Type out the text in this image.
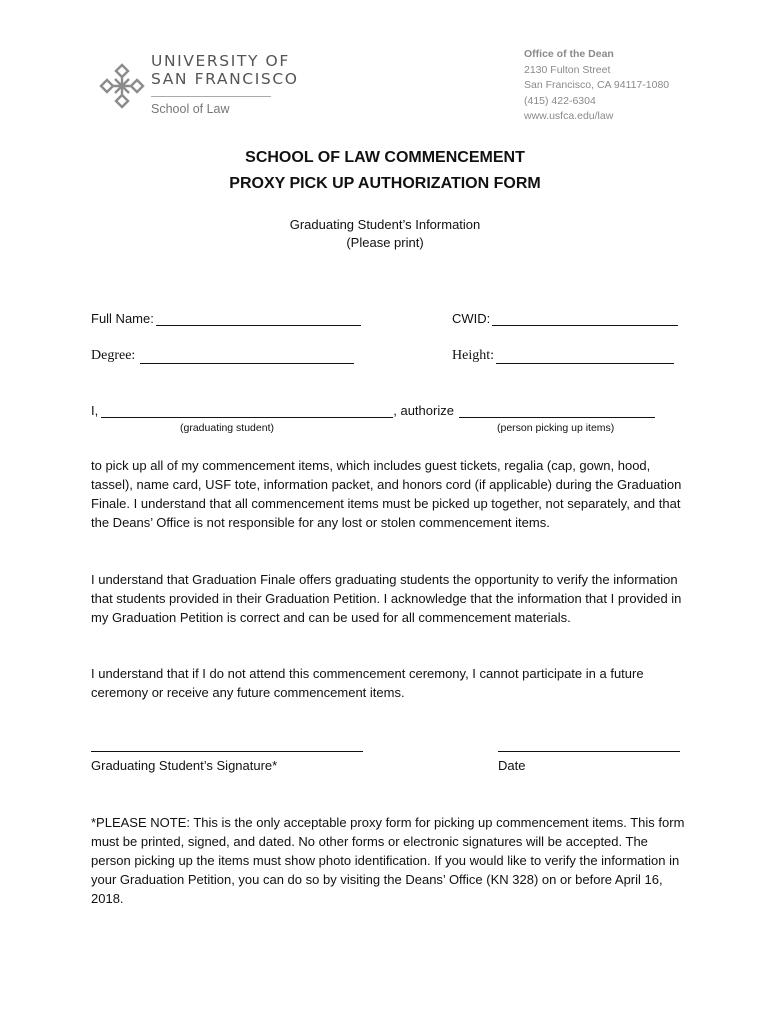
UNIVERSITY OF
SAN FRANCISCO
School of Law
Office of the Dean
2130 Fulton Street
San Francisco, CA 94117-1080
(415) 422-6304
www.usfca.edu/law
SCHOOL OF LAW COMMENCEMENT
PROXY PICK UP AUTHORIZATION FORM
Graduating Student’s Information
(Please print)
Full Name:	CWID:
Degree:	Height:
I,	, authorize
(graduating student)	(person picking up items)
to pick up all of my commencement items, which includes guest tickets, regalia (cap, gown, hood, tassel), name card, USF tote, information packet, and honors cord (if applicable) during the Graduation Finale. I understand that all commencement items must be picked up together, not separately, and that the Deans’ Office is not responsible for any lost or stolen commencement items.
I understand that Graduation Finale offers graduating students the opportunity to verify the information that students provided in their Graduation Petition. I acknowledge that the information that I provided in my Graduation Petition is correct and can be used for all commencement materials.
I understand that if I do not attend this commencement ceremony, I cannot participate in a future ceremony or receive any future commencement items.
Graduating Student’s Signature*	Date
*PLEASE NOTE: This is the only acceptable proxy form for picking up commencement items. This form must be printed, signed, and dated. No other forms or electronic signatures will be accepted. The person picking up the items must show photo identification. If you would like to verify the information in your Graduation Petition, you can do so by visiting the Deans’ Office (KN 328) on or before April 16, 2018.
